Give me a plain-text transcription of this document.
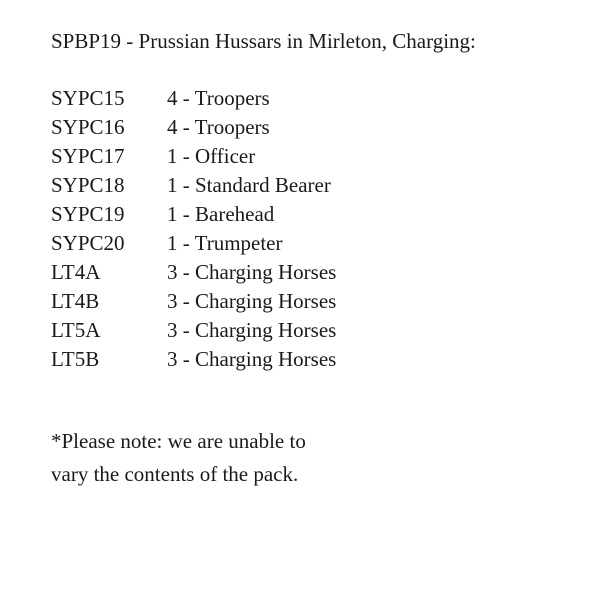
SPBP19 - Prussian Hussars in Mirleton, Charging:
SYPC15	4 - Troopers
SYPC16	4 - Troopers
SYPC17	1 - Officer
SYPC18	1 - Standard Bearer
SYPC19	1 - Barehead
SYPC20	1 - Trumpeter
LT4A	3 - Charging Horses
LT4B	3 - Charging Horses
LT5A	3 - Charging Horses
LT5B	3 - Charging Horses
*Please note: we are unable to
vary the contents of the pack.
